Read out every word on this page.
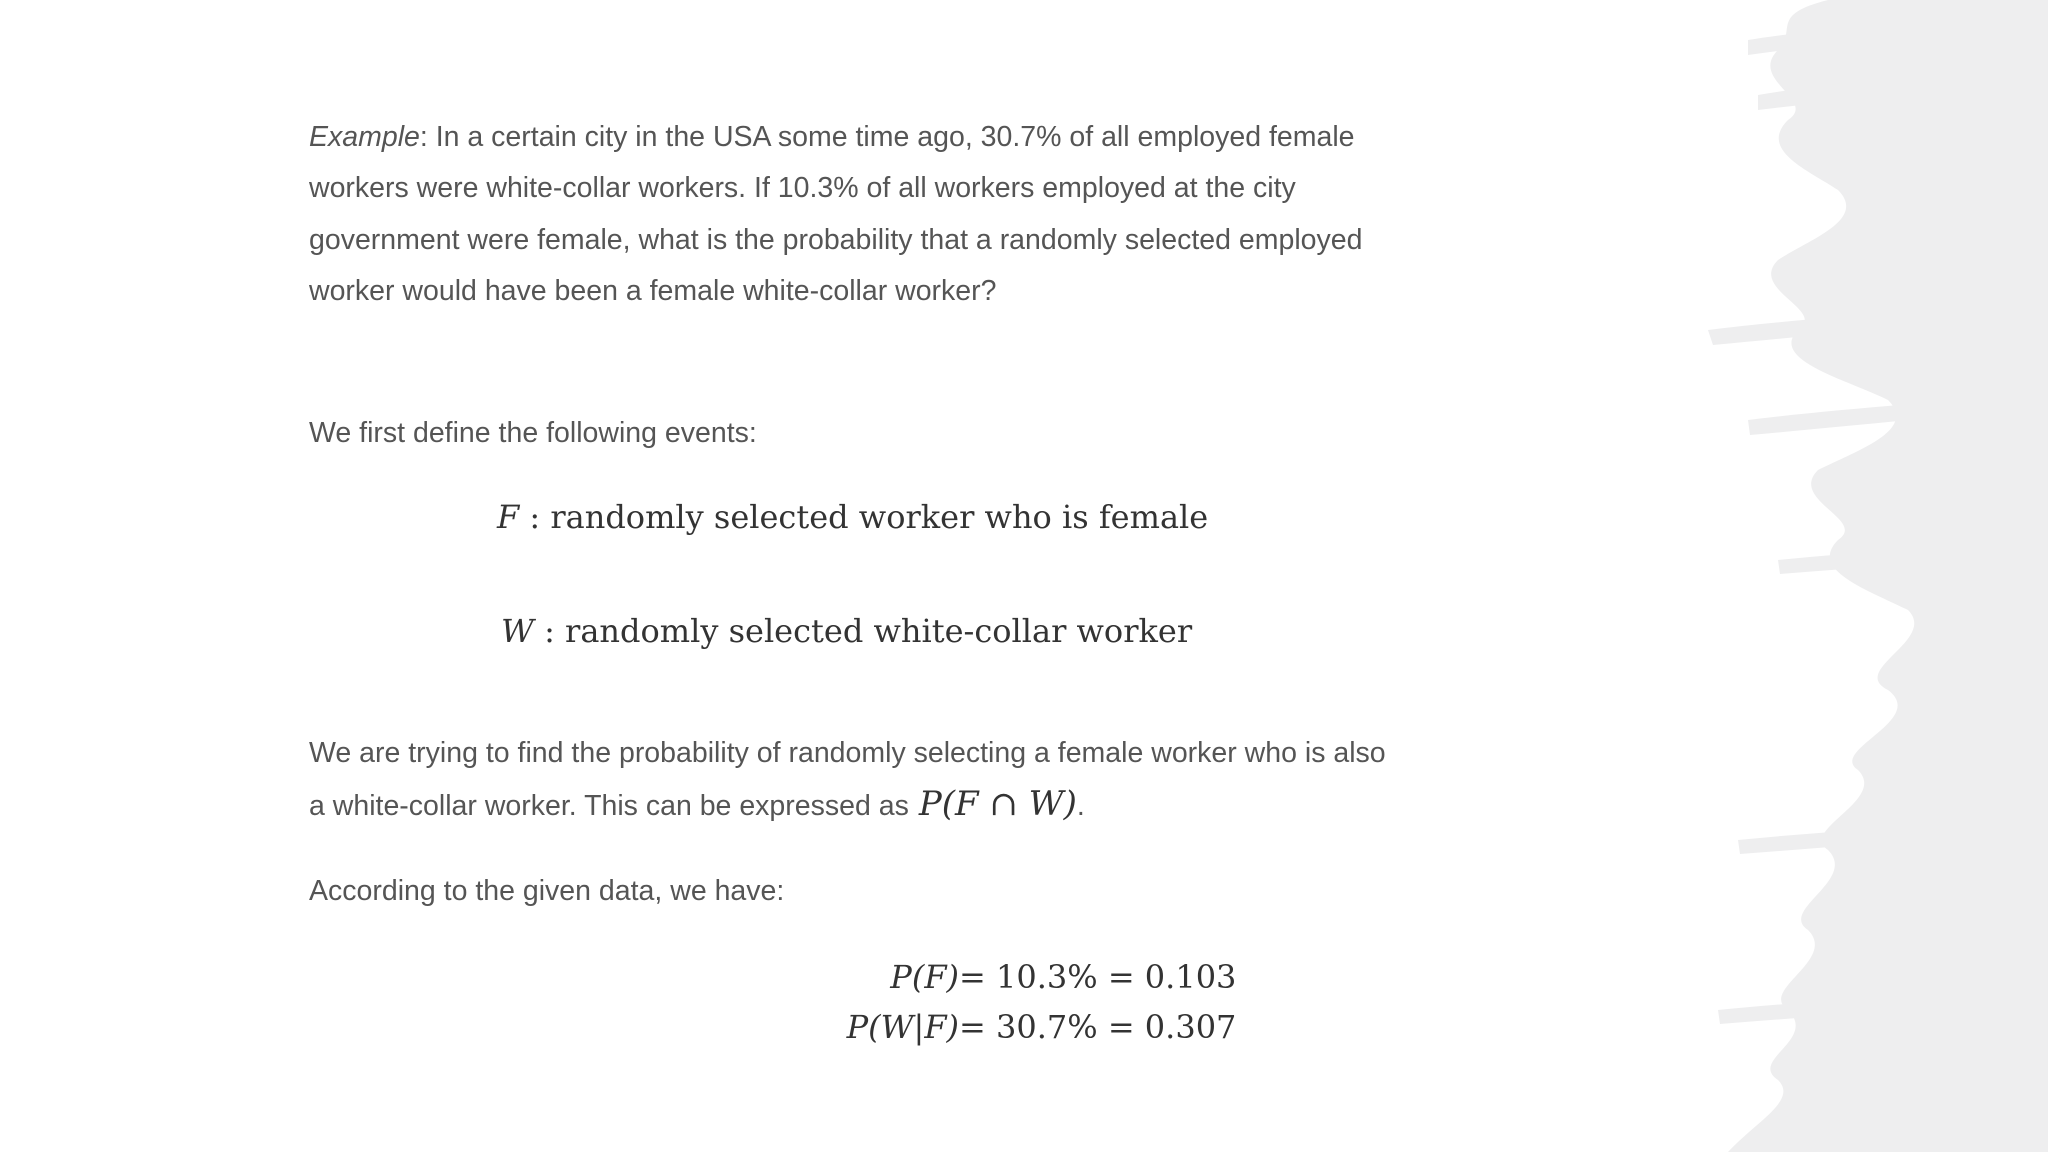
Example: In a certain city in the USA some time ago, 30.7% of all employed female workers were white-collar workers. If 10.3% of all workers employed at the city government were female, what is the probability that a randomly selected employed worker would have been a female white-collar worker?

We first define the following events:

F : randomly selected worker who is female
W : randomly selected white-collar worker

We are trying to find the probability of randomly selecting a female worker who is also a white-collar worker. This can be expressed as P(F ∩ W).

According to the given data, we have:

P(F) = 10.3% = 0.103
P(W|F) = 30.7% = 0.307
